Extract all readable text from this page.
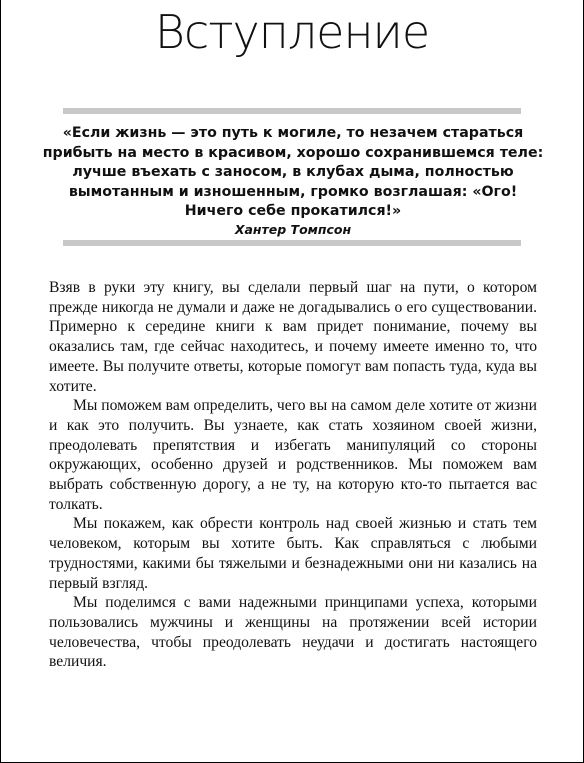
Вступление
«Если жизнь — это путь к могиле, то незачем стараться прибыть на место в красивом, хорошо сохранившемся теле: лучше въехать с заносом, в клубах дыма, полностью вымотанным и изношенным, громко возглашая: «Ого! Ничего себе прокатился!»
Хантер Томпсон

Взяв в руки эту книгу, вы сделали первый шаг на пути, о котором прежде никогда не думали и даже не догадывались о его существовании. Примерно к середине книги к вам придет понимание, почему вы оказались там, где сейчас находитесь, и почему имеете именно то, что имеете. Вы получите ответы, которые помогут вам попасть туда, куда вы хотите.

Мы поможем вам определить, чего вы на самом деле хотите от жизни и как это получить. Вы узнаете, как стать хозяином своей жизни, преодолевать препятствия и избегать манипуляций со стороны окружающих, особенно друзей и родственников. Мы поможем вам выбрать собственную дорогу, а не ту, на которую кто-то пытается вас толкать.

Мы покажем, как обрести контроль над своей жизнью и стать тем человеком, которым вы хотите быть. Как справляться с любыми трудностями, какими бы тяжелыми и безнадежными они ни казались на первый взгляд.

Мы поделимся с вами надежными принципами успеха, которыми пользовались мужчины и женщины на протяжении всей истории человечества, чтобы преодолевать неудачи и достигать настоящего величия.
